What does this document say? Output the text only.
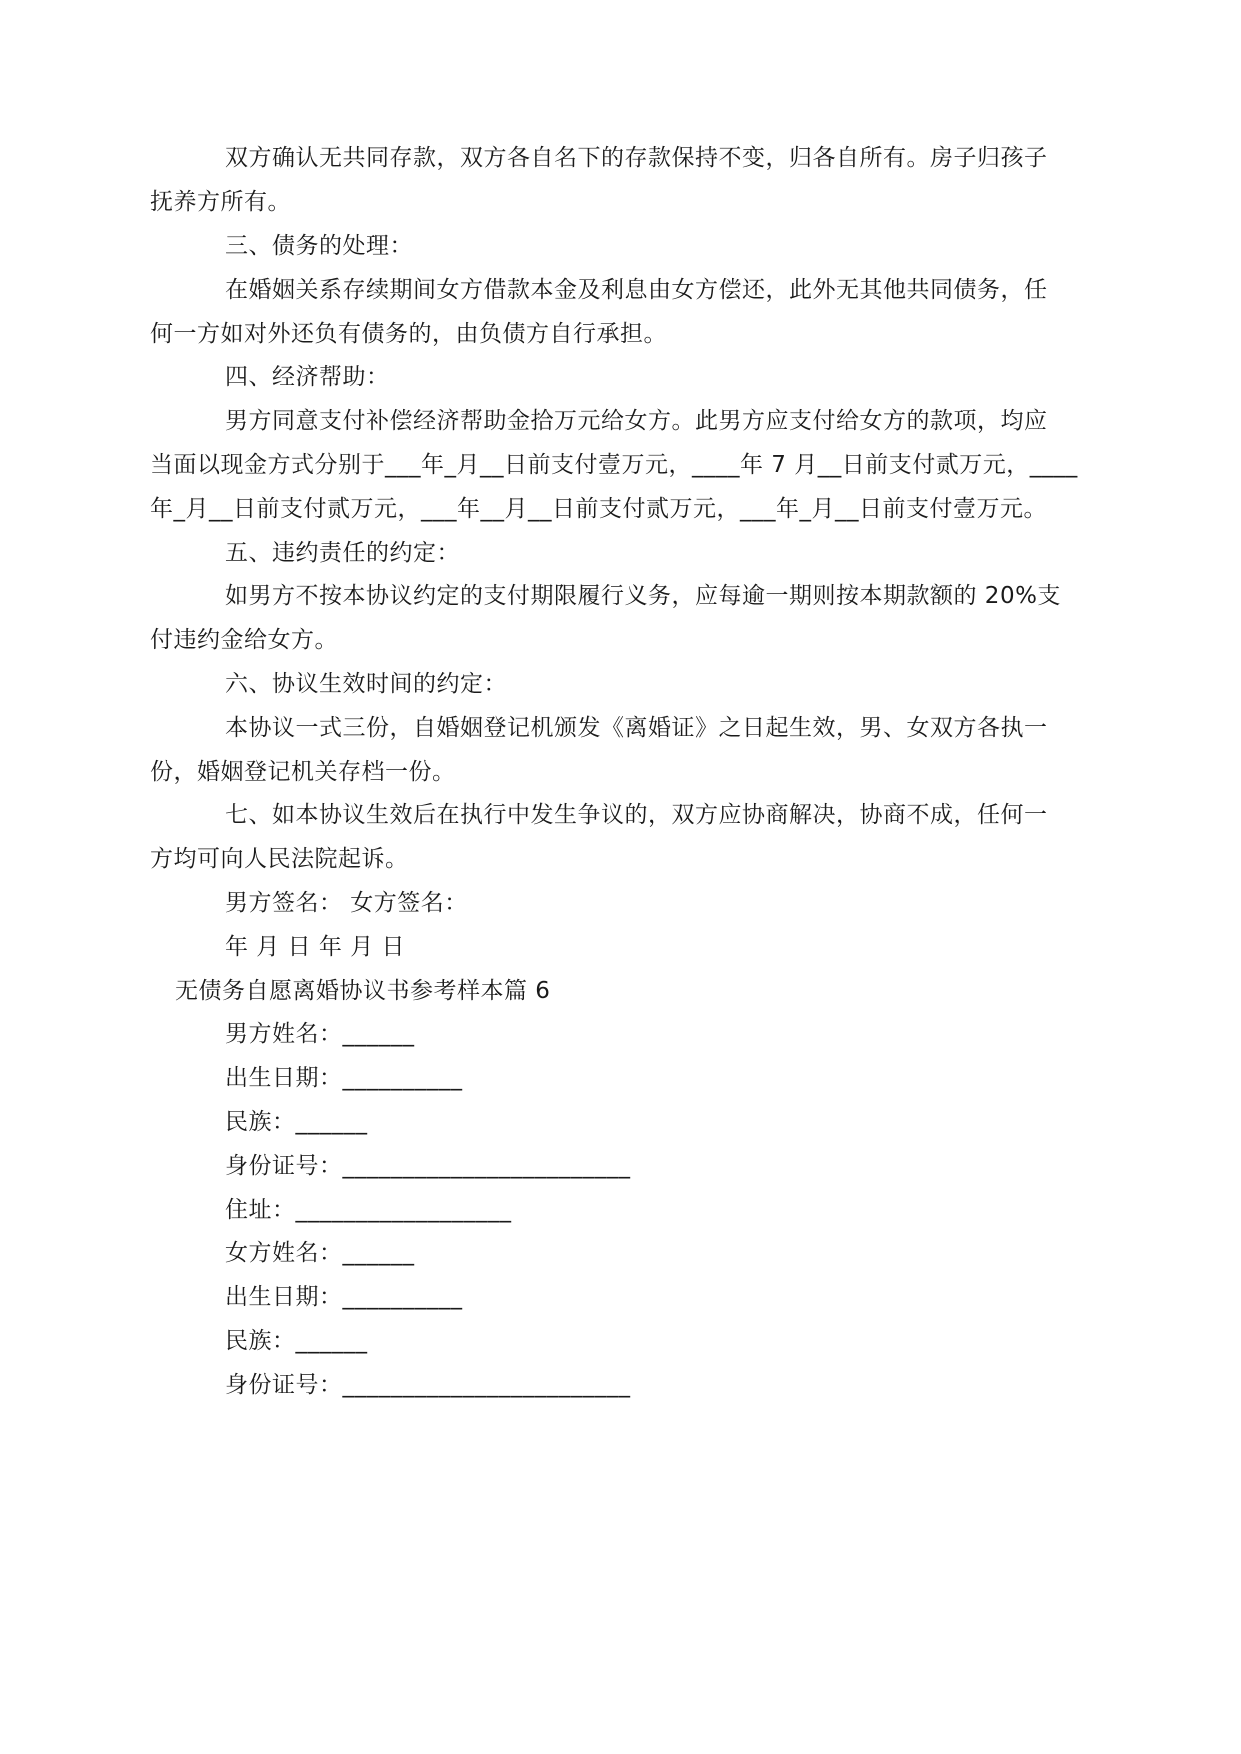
双方确认无共同存款，双方各自名下的存款保持不变，归各自所有。房子归孩子
抚养方所有。
三、债务的处理：
在婚姻关系存续期间女方借款本金及利息由女方偿还，此外无其他共同债务，任
何一方如对外还负有债务的，由负债方自行承担。
四、经济帮助：
男方同意支付补偿经济帮助金拾万元给女方。此男方应支付给女方的款项，均应
当面以现金方式分别于___年_月__日前支付壹万元，____年 7 月__日前支付贰万元，____
年_月__日前支付贰万元，___年__月__日前支付贰万元，___年_月__日前支付壹万元。
五、违约责任的约定：
如男方不按本协议约定的支付期限履行义务，应每逾一期则按本期款额的 20%支
付违约金给女方。
六、协议生效时间的约定：
本协议一式三份，自婚姻登记机颁发《离婚证》之日起生效，男、女双方各执一
份，婚姻登记机关存档一份。
七、如本协议生效后在执行中发生争议的，双方应协商解决，协商不成，任何一
方均可向人民法院起诉。
男方签名： 女方签名：
年 月 日 年 月 日
无债务自愿离婚协议书参考样本篇 6
男方姓名：______
出生日期：__________
民族：______
身份证号：________________________
住址：__________________
女方姓名：______
出生日期：__________
民族：______
身份证号：________________________
